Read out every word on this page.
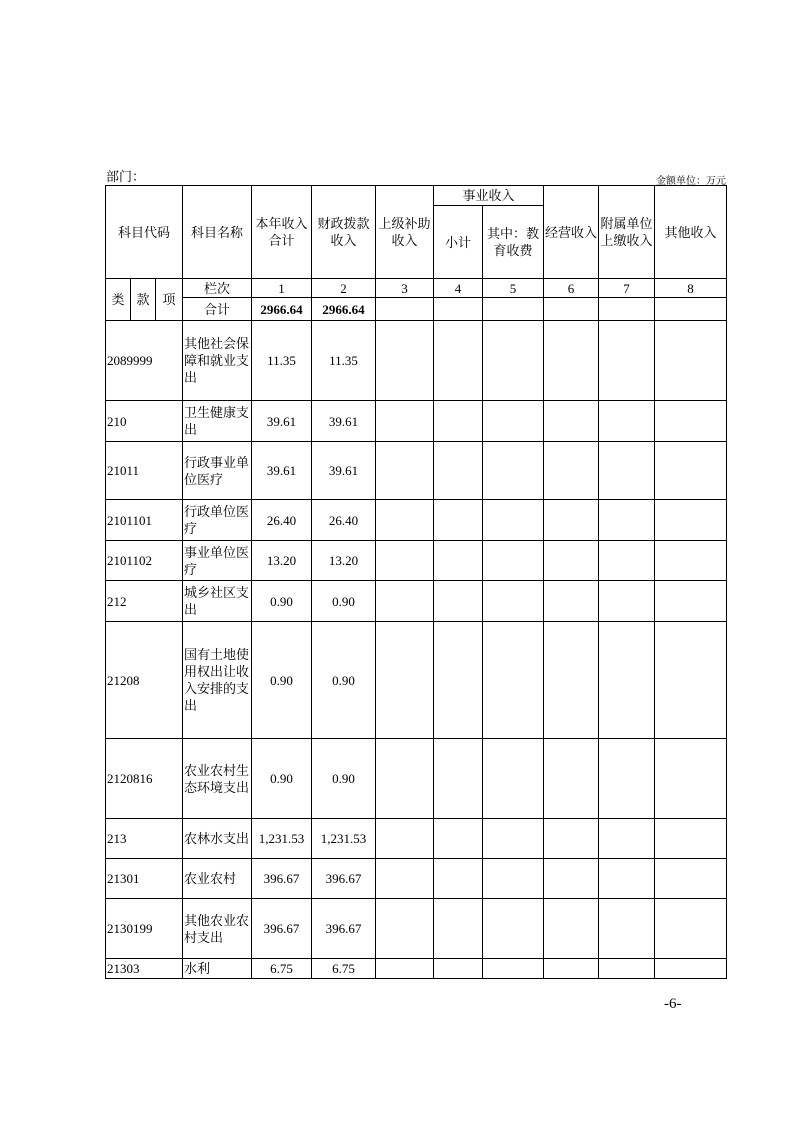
部门：	金额单位：万元
科目代码			科目名称	本年收入合计	财政拨款收入	上级补助收入	事业收入		经营收入	附属单位上缴收入	其他收入
							小计	其中：教育收费			
类	款	项	栏次	1	2	3	4	5	6	7	8
			合计	2966.64	2966.64						
2089999			其他社会保障和就业支出	11.35	11.35						
210			卫生健康支出	39.61	39.61						
21011			行政事业单位医疗	39.61	39.61						
2101101			行政单位医疗	26.40	26.40						
2101102			事业单位医疗	13.20	13.20						
212			城乡社区支出	0.90	0.90						
21208			国有土地使用权出让收入安排的支出	0.90	0.90						
2120816			农业农村生态环境支出	0.90	0.90						
213			农林水支出	1,231.53	1,231.53						
21301			农业农村	396.67	396.67						
2130199			其他农业农村支出	396.67	396.67						
21303			水利	6.75	6.75						
-6-
